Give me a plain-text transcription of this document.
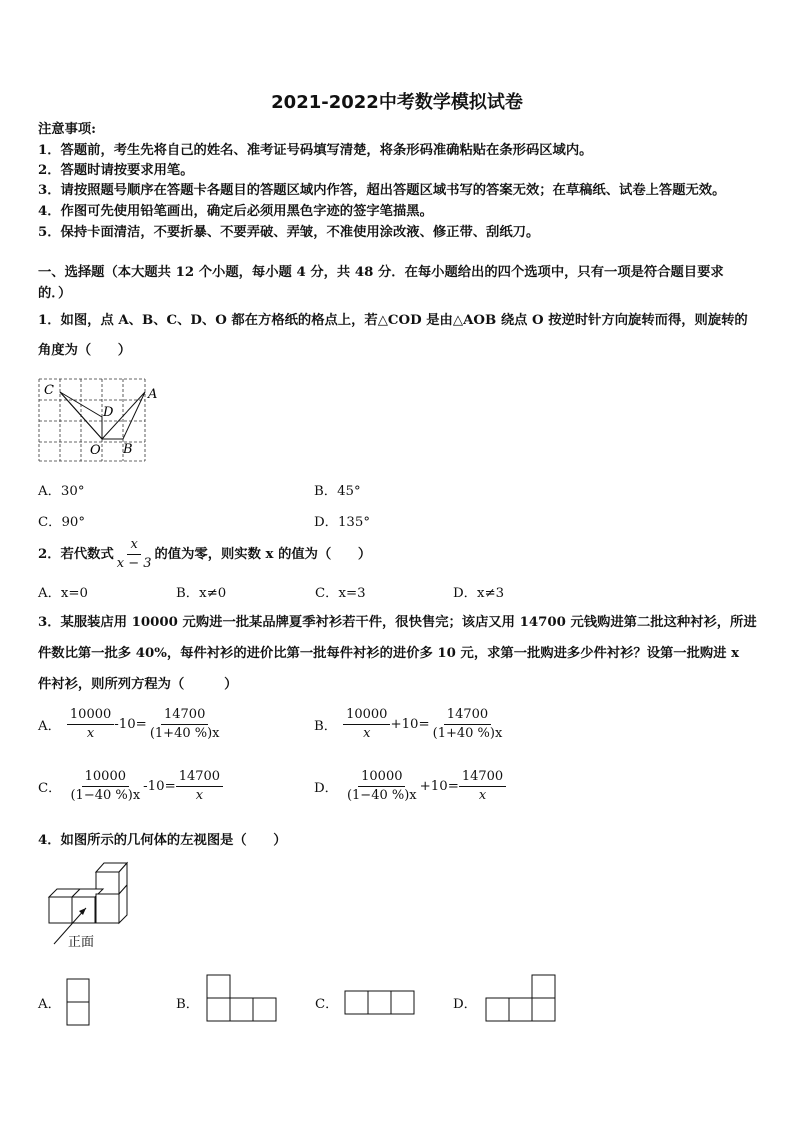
2021-2022中考数学模拟试卷
注意事项:
1．答题前，考生先将自己的姓名、准考证号码填写清楚，将条形码准确粘贴在条形码区域内。
2．答题时请按要求用笔。
3．请按照题号顺序在答题卡各题目的答题区域内作答，超出答题区域书写的答案无效；在草稿纸、试卷上答题无效。
4．作图可先使用铅笔画出，确定后必须用黑色字迹的签字笔描黑。
5．保持卡面清洁，不要折暴、不要弄破、弄皱，不准使用涂改液、修正带、刮纸刀。
一、选择题（本大题共 12 个小题，每小题 4 分，共 48 分．在每小题给出的四个选项中，只有一项是符合题目要求
的．）
1．如图，点 A、B、C、D、O 都在方格纸的格点上，若△COD 是由△AOB 绕点 O 按逆时针方向旋转而得，则旋转的
角度为（　　）
C	A
D
O B
A．30°	B．45°
C．90°	D．135°
2．若代数式 $\frac{x}{x - 3}$ 的值为零，则实数 x 的值为（　　）
A．x=0	B．x≠0	C．x=3	D．x≠3
3．某服装店用 10000 元购进一批某品牌夏季衬衫若干件，很快售完；该店又用 14700 元钱购进第二批这种衬衫，所进
件数比第一批多 40%，每件衬衫的进价比第一批每件衬衫的进价多 10 元，求第一批购进多少件衬衫？设第一批购进 x
件衬衫，则所列方程为（　　　）
A． $\frac{10000}{x} -10= \frac{14700}{(1+40 \%)x}$	B． $\frac{10000}{x} +10= \frac{14700}{(1+40 \%)x}$
C． $\frac{10000}{(1-40 \%)x} -10= \frac{14700}{x}$	D． $\frac{10000}{(1-40 \%)x} +10= \frac{14700}{x}$
4．如图所示的几何体的左视图是（　　）
正面
A．	B．	C．	D．
